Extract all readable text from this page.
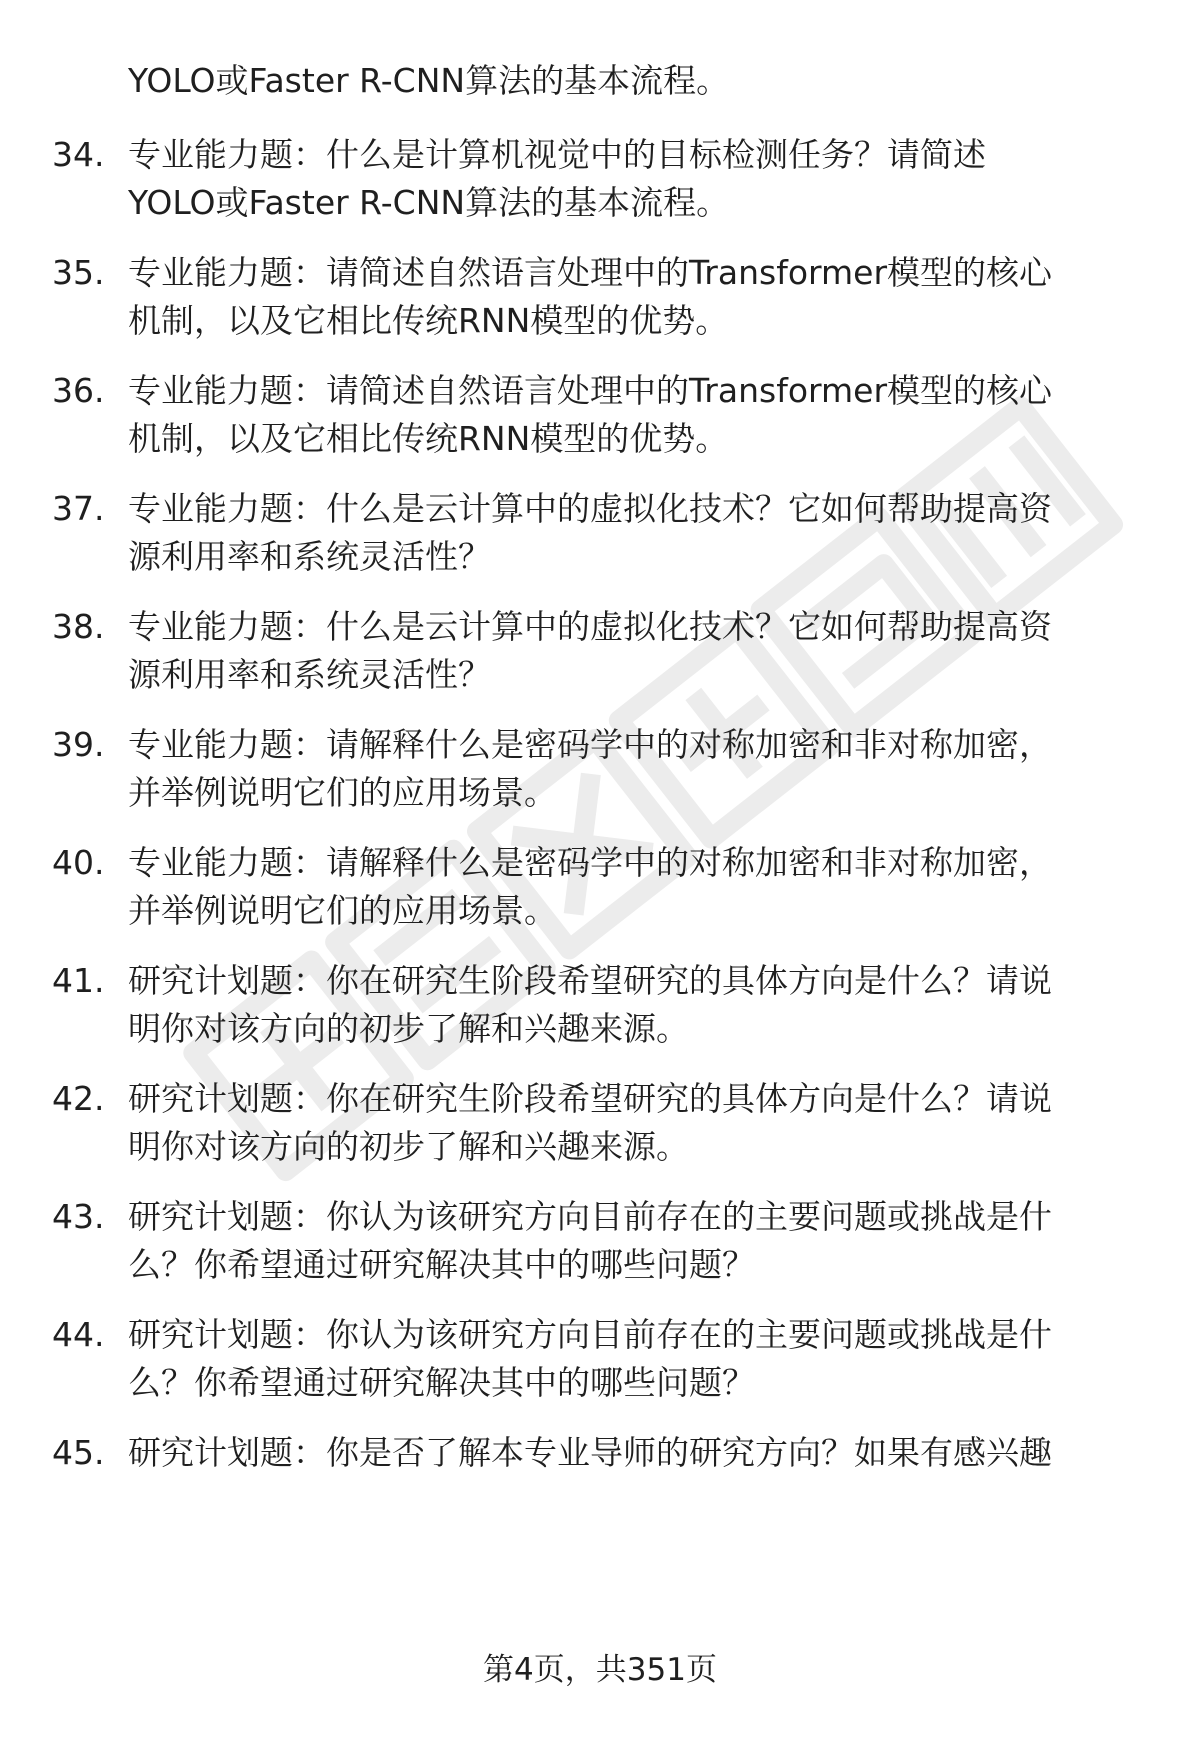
YOLO或Faster R-CNN算法的基本流程。
34. 专业能力题：什么是计算机视觉中的目标检测任务？请简述
YOLO或Faster R-CNN算法的基本流程。
35. 专业能力题：请简述自然语言处理中的Transformer模型的核心
机制，以及它相比传统RNN模型的优势。
36. 专业能力题：请简述自然语言处理中的Transformer模型的核心
机制，以及它相比传统RNN模型的优势。
37. 专业能力题：什么是云计算中的虚拟化技术？它如何帮助提高资
源利用率和系统灵活性？
38. 专业能力题：什么是云计算中的虚拟化技术？它如何帮助提高资
源利用率和系统灵活性？
39. 专业能力题：请解释什么是密码学中的对称加密和非对称加密，
并举例说明它们的应用场景。
40. 专业能力题：请解释什么是密码学中的对称加密和非对称加密，
并举例说明它们的应用场景。
41. 研究计划题：你在研究生阶段希望研究的具体方向是什么？请说
明你对该方向的初步了解和兴趣来源。
42. 研究计划题：你在研究生阶段希望研究的具体方向是什么？请说
明你对该方向的初步了解和兴趣来源。
43. 研究计划题：你认为该研究方向目前存在的主要问题或挑战是什
么？你希望通过研究解决其中的哪些问题？
44. 研究计划题：你认为该研究方向目前存在的主要问题或挑战是什
么？你希望通过研究解决其中的哪些问题？
45. 研究计划题：你是否了解本专业导师的研究方向？如果有感兴趣
第4页，共351页
